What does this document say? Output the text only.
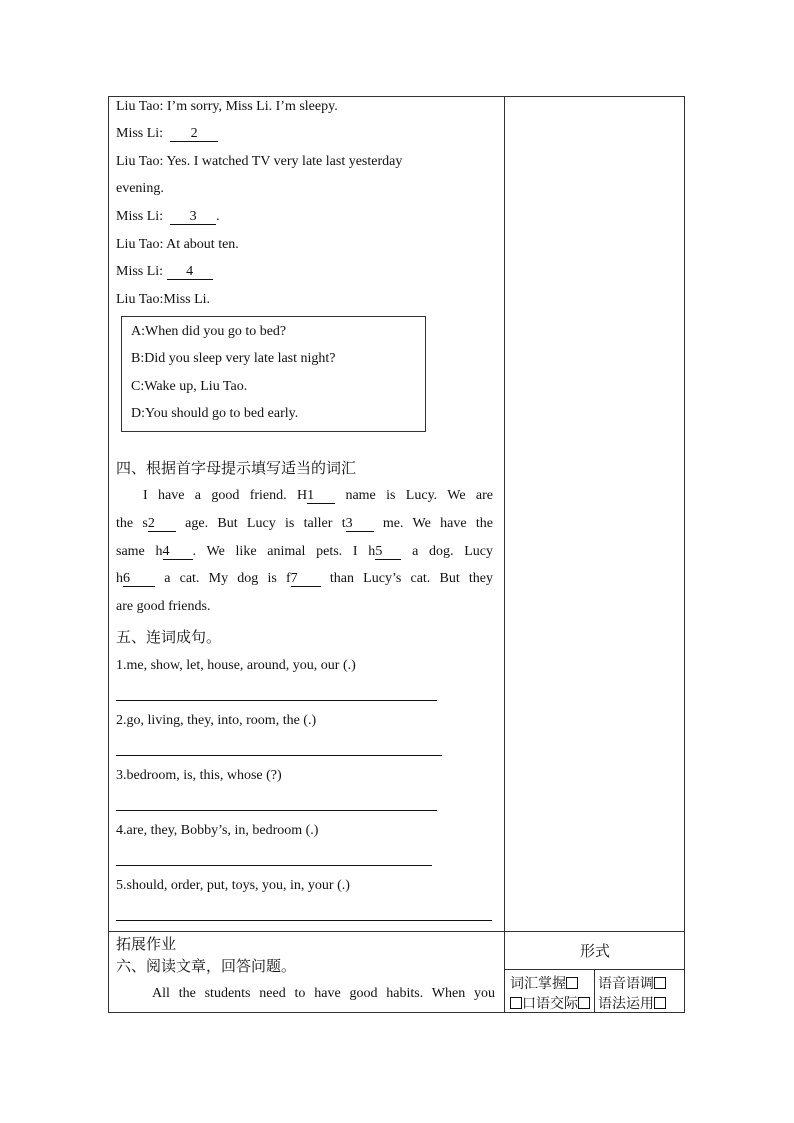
Liu Tao: I’m sorry, Miss Li. I’m sleepy.
Miss Li: 2
Liu Tao: Yes. I watched TV very late last yesterday
evening.
Miss Li: 3 .
Liu Tao: At about ten.
Miss Li: 4
Liu Tao:Miss Li.
A:When did you go to bed?
B:Did you sleep very late last night?
C:Wake up, Liu Tao.
D:You should go to bed early.
四、根据首字母提示填写适当的词汇
I have a good friend. H1 name is Lucy. We are
the s2 age. But Lucy is taller t3 me. We have the
same h4 . We like animal pets. I h5 a dog. Lucy
h6 a cat. My dog is f7 than Lucy’s cat. But they
are good friends.
五、连词成句。
1.me, show, let, house, around, you, our (.)
2.go, living, they, into, room, the (.)
3.bedroom, is, this, whose (?)
4.are, they, Bobby’s, in, bedroom (.)
5.should, order, put, toys, you, in, your (.)
拓展作业
六、阅读文章，回答问题。
All the students need to have good habits. When you
形式
词汇掌握	语音语调
口语交际	语法运用
